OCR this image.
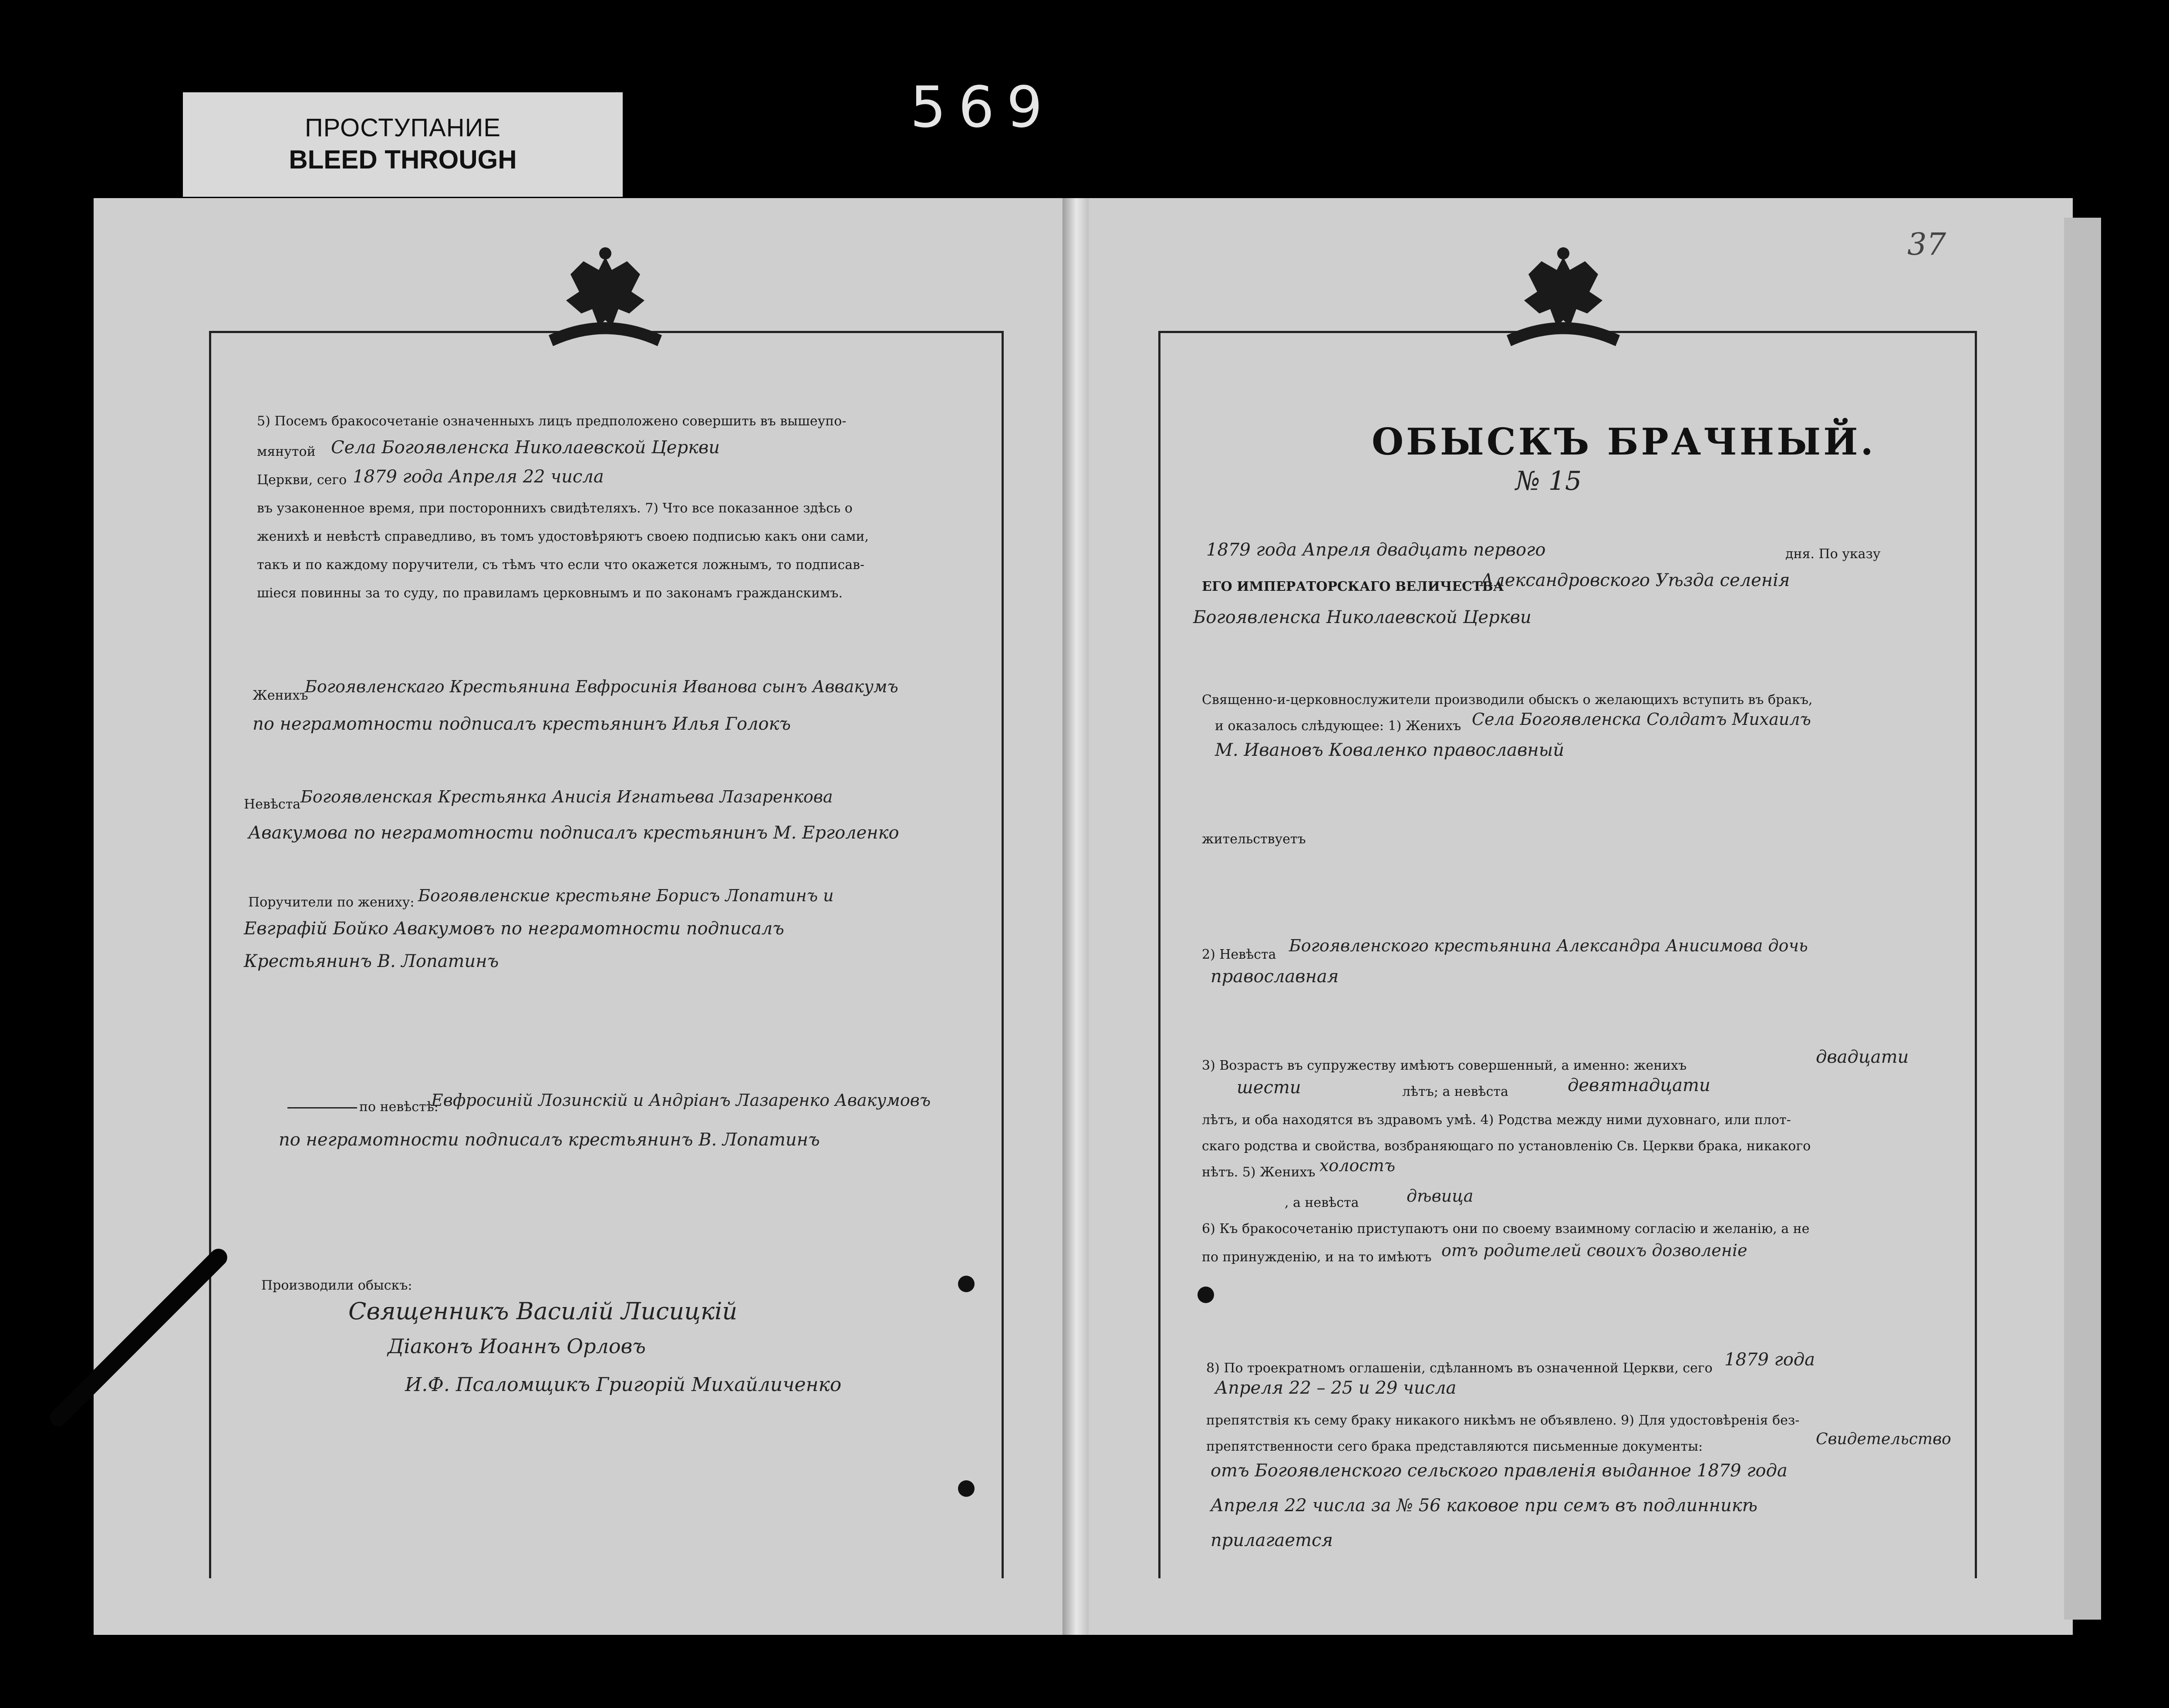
ПРОСТУПАНИЕ
BLEED THROUGH
569
37
5) Посемъ бракосочетанiе означенныхъ лицъ предположено совершить въ вышеупо-
мянутой Села Богоявленска Николаевской Церкви
Церкви, сего 1879 года Апреля 22 числа
въ узаконенное время, при постороннихъ свидѣтеляхъ. 7) Что все показанное здѣсь о
женихѣ и невѣстѣ справедливо, въ томъ удостовѣряютъ своею подписью какъ они сами,
такъ и по каждому поручители, съ тѣмъ что если что окажется ложнымъ, то подписав-
шiеся повинны за то суду, по правиламъ церковнымъ и по законамъ гражданскимъ.
Женихъ
Богоявленскаго Крестьянина Евфросинiя Иванова сынъ Аввакумъ
по неграмотности подписалъ крестьянинъ Илья Голокъ
Невѣста Богоявленская Крестьянка Анисiя Игнатьева Лазаренкова
Авакумова по неграмотности подписалъ крестьянинъ М. Ерголенко
Поручители по жениху: Богоявленские крестьяне Борисъ Лопатинъ и
Евграфiй Бойко Авакумовъ по неграмотности подписалъ
Крестьянинъ В. Лопатинъ
по невѣстѣ:
Евфросинiй Лозинскiй и Андрiанъ Лазаренко Авакумовъ
по неграмотности подписалъ крестьянинъ В. Лопатинъ
Производили обыскъ:
Священникъ Василiй Лисицкiй
Дiаконъ Иоаннъ Орловъ
И.Ф. Псаломщикъ Григорiй Михайличенко
ОБЫСКЪ БРАЧНЫЙ.
№ 15
1879 года Апреля двадцать первого	дня. По указу
ЕГО ИМПЕРАТОРСКАГО ВЕЛИЧЕСТВА
Александровского Уѣзда селенiя
Богоявленска Николаевской Церкви
Священно-и-церковнослужители производили обыскъ о желающихъ вступить въ бракъ,
и оказалось слѣдующее: 1) Женихъ Села Богоявленска Солдатъ Михаилъ
М. Ивановъ Коваленко православный
жительствуетъ
2) Невѣста Богоявленского крестьянина Александра Анисимова дочь
православная
3) Возрастъ въ супружеству имѣютъ совершенный, а именно: женихъ	двадцати
шести	лѣтъ; а невѣста	девятнадцати
лѣтъ, и оба находятся въ здравомъ умѣ. 4) Родства между ними духовнаго, или плот-
скаго родства и свойства, возбраняющаго по установленiю Св. Церкви брака, никакого
нѣтъ. 5) Женихъ холостъ
, а невѣста	дѣвица
6) Къ бракосочетанiю приступаютъ они по своему взаимному согласiю и желанiю, а не
по принужденiю, и на то имѣютъ отъ родителей своихъ дозволенiе
8) По троекратномъ оглашенiи, сдѣланномъ въ означенной Церкви, сего 1879 года
Апреля 22 – 25 и 29 числа
препятствiя къ сему браку никакого никѣмъ не объявлено. 9) Для удостовѣренiя без-
препятственности сего брака представляются письменные документы:	Свидетельство
отъ Богоявленского сельского правленiя выданное 1879 года
Апреля 22 числа за № 56 каковое при семъ въ подлинникѣ
прилагается
